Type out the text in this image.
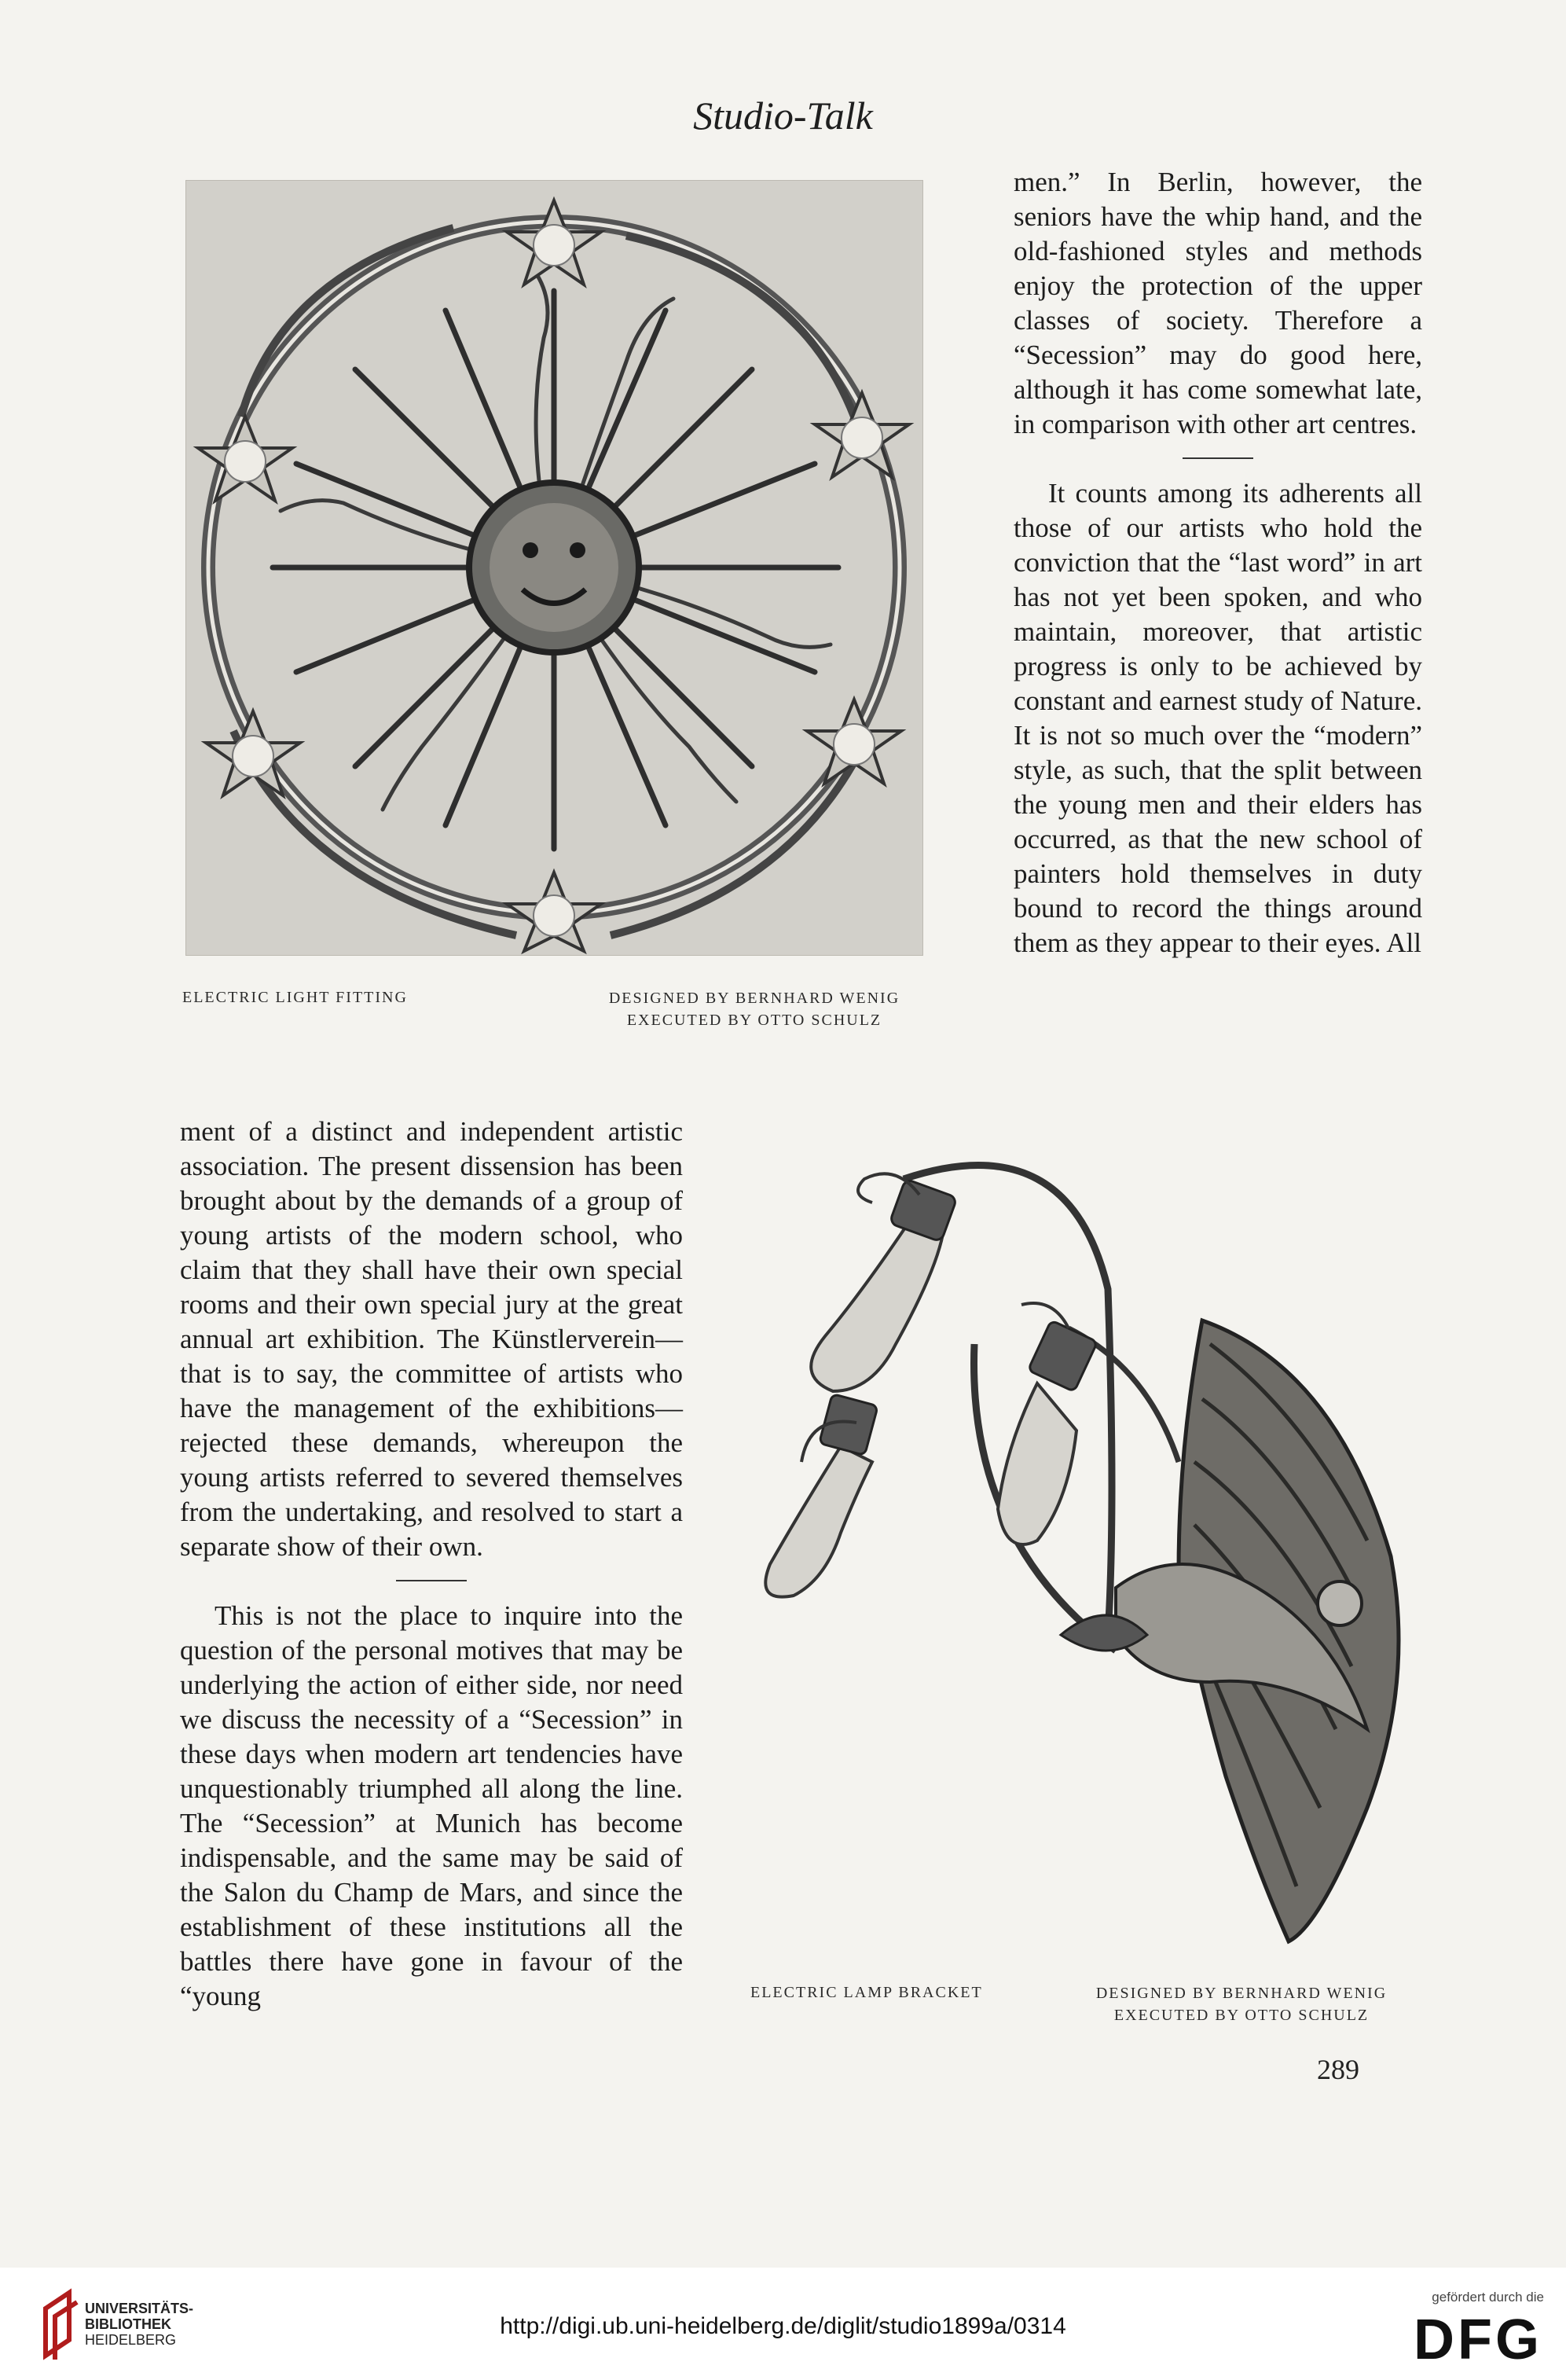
Studio-Talk
ELECTRIC LIGHT FITTING	DESIGNED BY BERNHARD WENIG
EXECUTED BY OTTO SCHULZ

men.” In Berlin, however, the seniors have the whip hand, and the old-fashioned styles and methods enjoy the protection of the upper classes of society. Therefore a “Secession” may do good here, although it has come somewhat late, in comparison with other art centres.

It counts among its adherents all those of our artists who hold the conviction that the “last word” in art has not yet been spoken, and who maintain, moreover, that artistic progress is only to be achieved by constant and earnest study of Nature. It is not so much over the “modern” style, as such, that the split between the young men and their elders has occurred, as that the new school of painters hold themselves in duty bound to record the things around them as they appear to their eyes. All

ment of a distinct and independent artistic association. The present dissension has been brought about by the demands of a group of young artists of the modern school, who claim that they shall have their own special rooms and their own special jury at the great annual art exhibition. The Künstlerverein—that is to say, the committee of artists who have the management of the exhibitions—rejected these demands, whereupon the young artists referred to severed themselves from the undertaking, and resolved to start a separate show of their own.

This is not the place to inquire into the question of the personal motives that may be underlying the action of either side, nor need we discuss the necessity of a “Secession” in these days when modern art tendencies have unquestionably triumphed all along the line. The “Secession” at Munich has become indispensable, and the same may be said of the Salon du Champ de Mars, and since the establishment of these institutions all the battles there have gone in favour of the “young	ELECTRIC LAMP BRACKET	DESIGNED BY BERNHARD WENIG
EXECUTED BY OTTO SCHULZ
289
UNIVERSITÄTS-
BIBLIOTHEK
HEIDELBERG
http://digi.ub.uni-heidelberg.de/diglit/studio1899a/0314
gefördert durch die
DFG
